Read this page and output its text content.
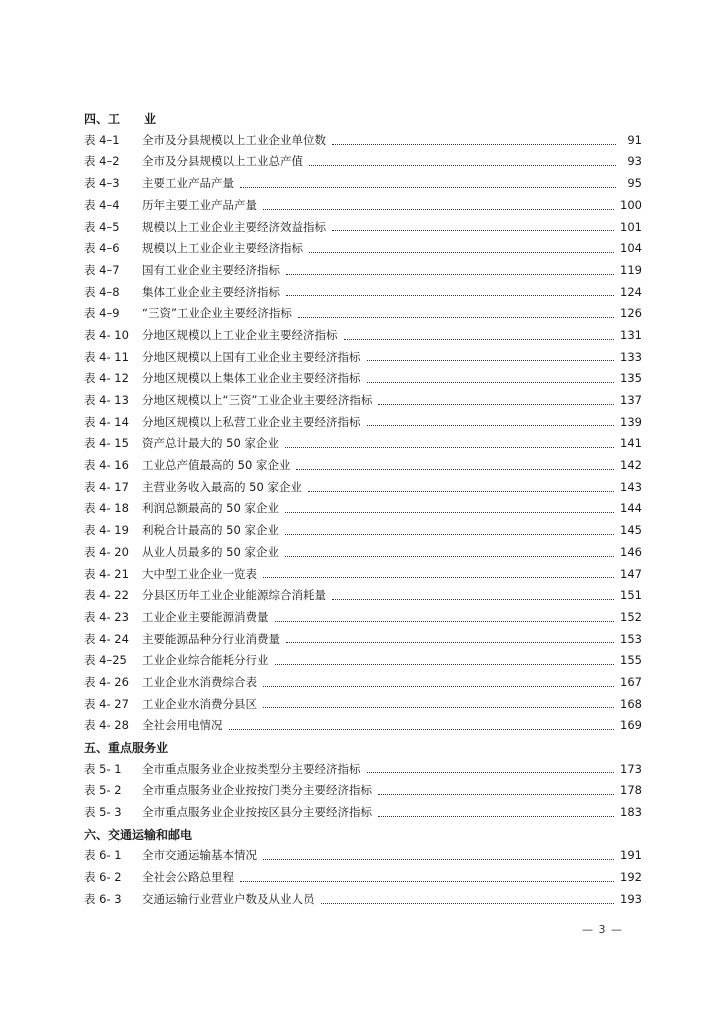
四、工　　业
表 4–1	全市及分县规模以上工业企业单位数	91
表 4–2	全市及分县规模以上工业总产值	93
表 4–3	主要工业产品产量	95
表 4–4	历年主要工业产品产量	100
表 4–5	规模以上工业企业主要经济效益指标	101
表 4–6	规模以上工业企业主要经济指标	104
表 4–7	国有工业企业主要经济指标	119
表 4–8	集体工业企业主要经济指标	124
表 4–9	“三资”工业企业主要经济指标	126
表 4- 10	分地区规模以上工业企业主要经济指标	131
表 4- 11	分地区规模以上国有工业企业主要经济指标	133
表 4- 12	分地区规模以上集体工业企业主要经济指标	135
表 4- 13	分地区规模以上“三资”工业企业主要经济指标	137
表 4- 14	分地区规模以上私营工业企业主要经济指标	139
表 4- 15	资产总计最大的 50 家企业	141
表 4- 16	工业总产值最高的 50 家企业	142
表 4- 17	主营业务收入最高的 50 家企业	143
表 4- 18	利润总额最高的 50 家企业	144
表 4- 19	利税合计最高的 50 家企业	145
表 4- 20	从业人员最多的 50 家企业	146
表 4- 21	大中型工业企业一览表	147
表 4- 22	分县区历年工业企业能源综合消耗量	151
表 4- 23	工业企业主要能源消费量	152
表 4- 24	主要能源品种分行业消费量	153
表 4–25	工业企业综合能耗分行业	155
表 4- 26	工业企业水消费综合表	167
表 4- 27	工业企业水消费分县区	168
表 4- 28	全社会用电情况	169
五、重点服务业
表 5- 1	全市重点服务业企业按类型分主要经济指标	173
表 5- 2	全市重点服务业企业按按门类分主要经济指标	178
表 5- 3	全市重点服务业企业按按区县分主要经济指标	183
六、交通运输和邮电
表 6- 1	全市交通运输基本情况	191
表 6- 2	全社会公路总里程	192
表 6- 3	交通运输行业营业户数及从业人员	193
— 3 —
